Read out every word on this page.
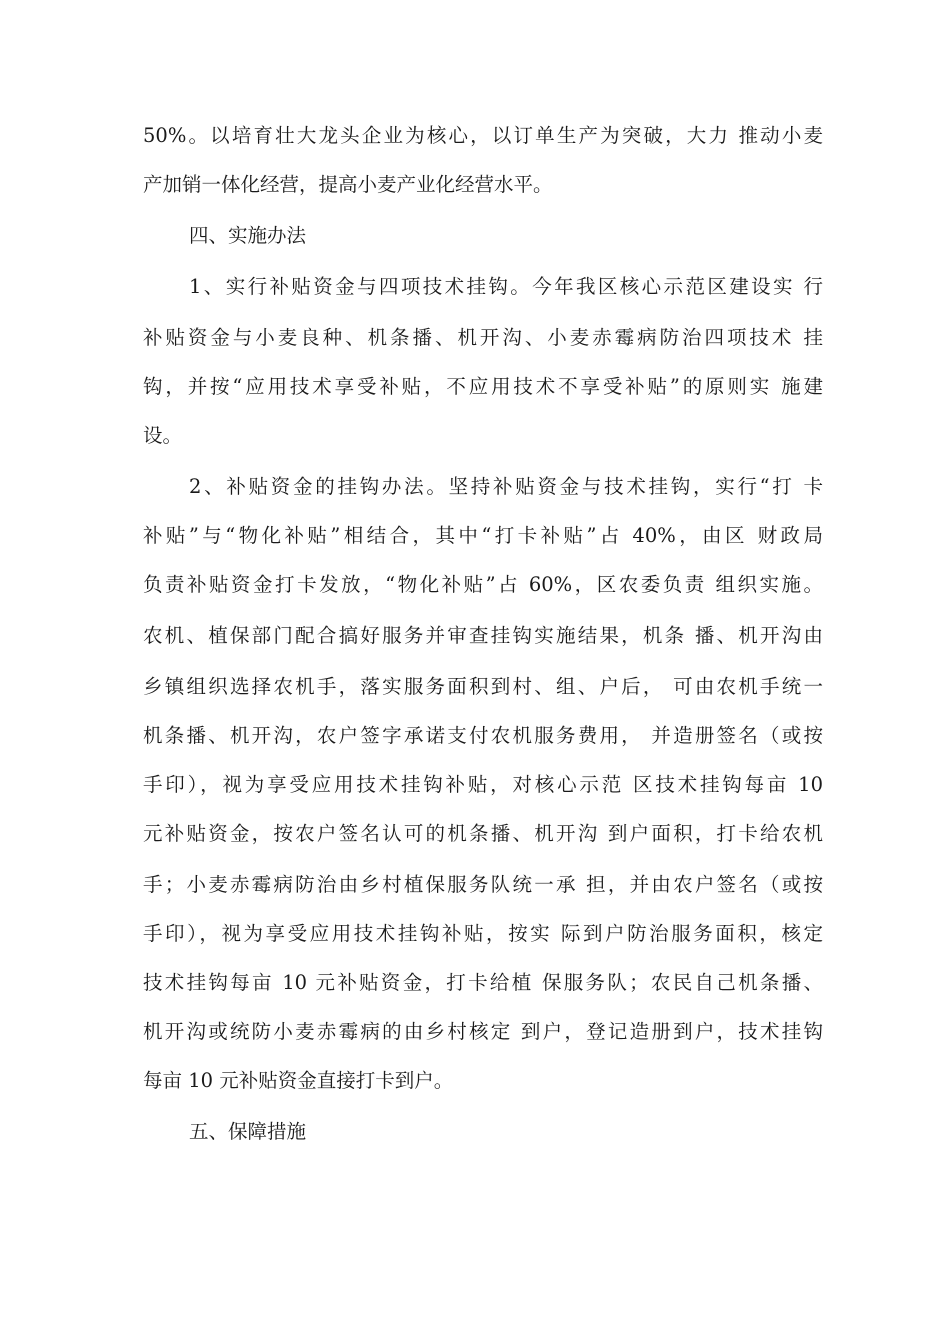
50%。以培育壮大龙头企业为核心，以订单生产为突破，大力 推动小麦
产加销一体化经营，提高小麦产业化经营水平。
四、实施办法
1、实行补贴资金与四项技术挂钩。今年我区核心示范区建设实 行
补贴资金与小麦良种、机条播、机开沟、小麦赤霉病防治四项技术 挂
钩，并按“应用技术享受补贴，不应用技术不享受补贴”的原则实 施建
设。
2、补贴资金的挂钩办法。坚持补贴资金与技术挂钩，实行“打 卡
补贴”与“物化补贴”相结合，其中“打卡补贴”占 40%，由区 财政局
负责补贴资金打卡发放，“物化补贴”占 60%，区农委负责 组织实施。
农机、植保部门配合搞好服务并审查挂钩实施结果，机条 播、机开沟由
乡镇组织选择农机手，落实服务面积到村、组、户后， 可由农机手统一
机条播、机开沟，农户签字承诺支付农机服务费用， 并造册签名（或按
手印），视为享受应用技术挂钩补贴，对核心示范 区技术挂钩每亩 10
元补贴资金，按农户签名认可的机条播、机开沟 到户面积，打卡给农机
手；小麦赤霉病防治由乡村植保服务队统一承 担，并由农户签名（或按
手印），视为享受应用技术挂钩补贴，按实 际到户防治服务面积，核定
技术挂钩每亩 10 元补贴资金，打卡给植 保服务队；农民自己机条播、
机开沟或统防小麦赤霉病的由乡村核定 到户，登记造册到户，技术挂钩
每亩 10 元补贴资金直接打卡到户。
五、保障措施
